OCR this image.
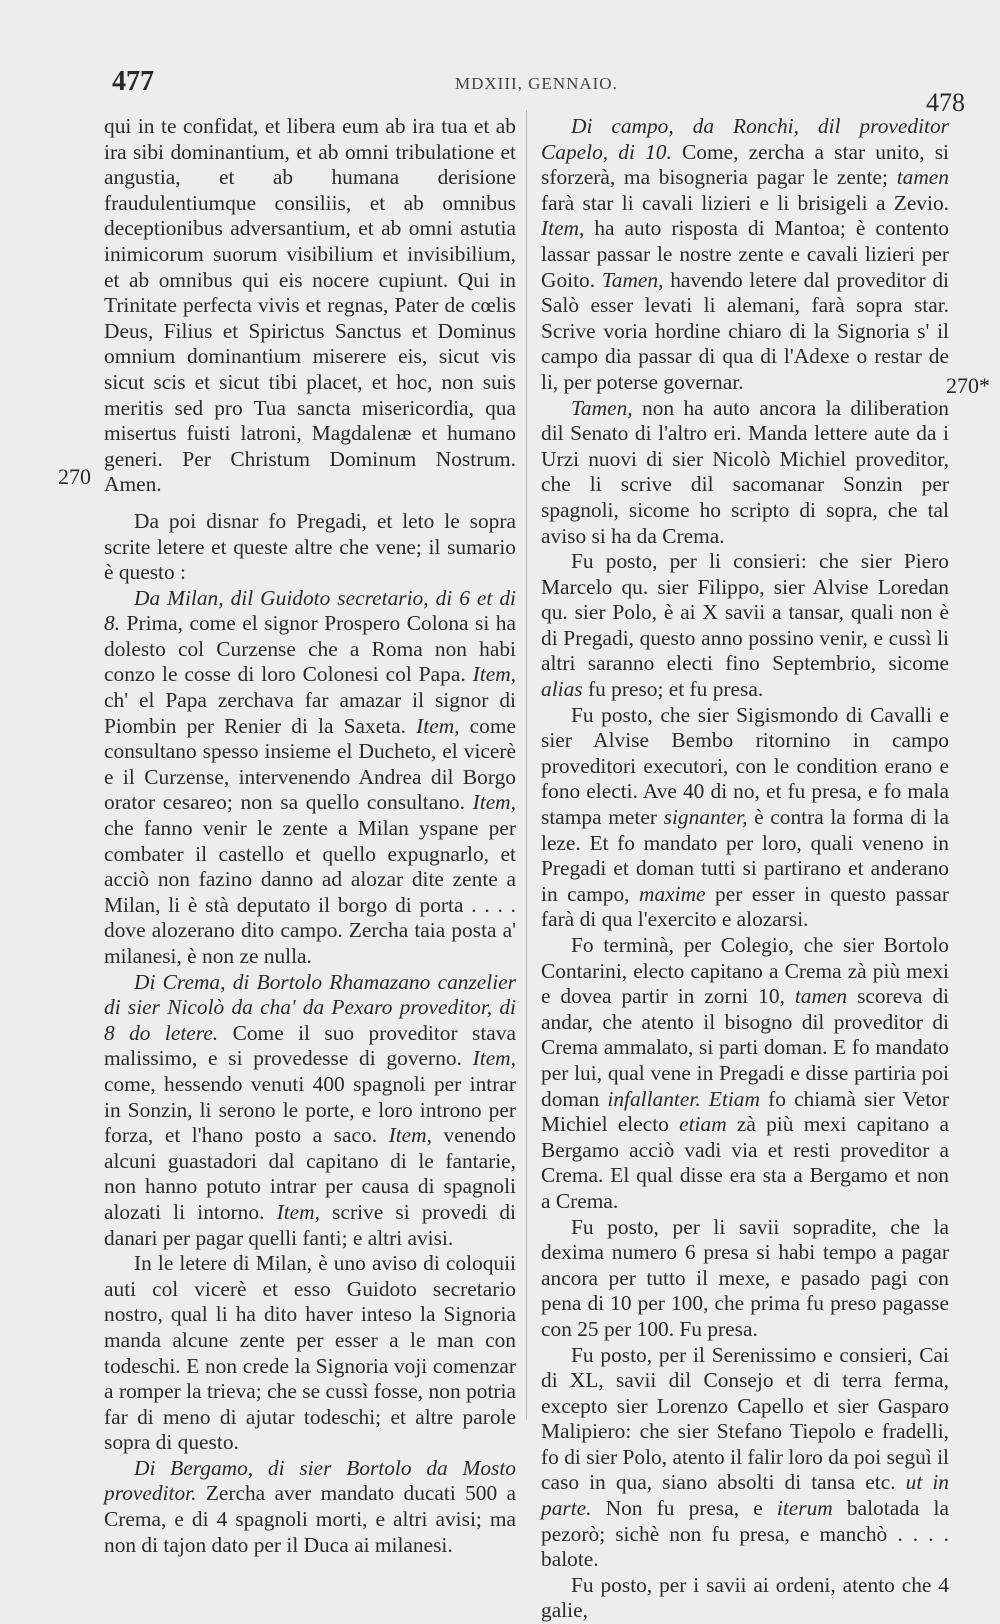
477	MDXIII, GENNAIO.
478
270
270*

qui in te confidat, et libera eum ab ira tua et ab ira sibi dominantium, et ab omni tribulatione et angustia, et ab humana derisione fraudulentiumque consiliis, et ab omnibus deceptionibus adversantium, et ab omni astutia inimicorum suorum visibilium et invisibilium, et ab omnibus qui eis nocere cupiunt. Qui in Trinitate perfecta vivis et regnas, Pater de cœlis Deus, Filius et Spirictus Sanctus et Dominus omnium dominantium miserere eis, sicut vis sicut scis et sicut tibi placet, et hoc, non suis meritis sed pro Tua sancta misericordia, qua misertus fuisti latroni, Magdalenæ et humano generi. Per Christum Dominum Nostrum. Amen.

Da poi disnar fo Pregadi, et leto le sopra scrite letere et queste altre che vene; il sumario è questo :

Da Milan, dil Guidoto secretario, di 6 et di 8. Prima, come el signor Prospero Colona si ha dolesto col Curzense che a Roma non habi conzo le cosse di loro Colonesi col Papa. Item, ch' el Papa zerchava far amazar il signor di Piombin per Renier di la Saxeta. Item, come consultano spesso insieme el Ducheto, el vicerè e il Curzense, intervenendo Andrea dil Borgo orator cesareo; non sa quello consultano. Item, che fanno venir le zente a Milan yspane per combater il castello et quello expugnarlo, et acciò non fazino danno ad alozar dite zente a Milan, li è stà deputato il borgo di porta . . . . dove alozerano dito campo. Zercha taia posta a' milanesi, è non ze nulla.

Di Crema, di Bortolo Rhamazano canzelier di sier Nicolò da cha' da Pexaro proveditor, di 8 do letere. Come il suo proveditor stava malissimo, e si provedesse di governo. Item, come, hessendo venuti 400 spagnoli per intrar in Sonzin, li serono le porte, e loro introno per forza, et l'hano posto a saco. Item, venendo alcuni guastadori dal capitano di le fantarie, non hanno potuto intrar per causa di spagnoli alozati li intorno. Item, scrive si provedi di danari per pagar quelli fanti; e altri avisi.

In le letere di Milan, è uno aviso di coloquii auti col vicerè et esso Guidoto secretario nostro, qual li ha dito haver inteso la Signoria manda alcune zente per esser a le man con todeschi. E non crede la Signoria voji comenzar a romper la trieva; che se cussì fosse, non potria far di meno di ajutar todeschi; et altre parole sopra di questo.

Di Bergamo, di sier Bortolo da Mosto proveditor. Zercha aver mandato ducati 500 a Crema, e di 4 spagnoli morti, e altri avisi; ma non di tajon dato per il Duca ai milanesi.

Di campo, da Ronchi, dil proveditor Capelo, di 10. Come, zercha a star unito, si sforzerà, ma bisogneria pagar le zente; tamen farà star li cavali lizieri e li brisigeli a Zevio. Item, ha auto risposta di Mantoa; è contento lassar passar le nostre zente e cavali lizieri per Goito. Tamen, havendo letere dal proveditor di Salò esser levati li alemani, farà sopra star. Scrive voria hordine chiaro di la Signoria s' il campo dia passar di qua di l'Adexe o restar de li, per poterse governar.

Tamen, non ha auto ancora la diliberation dil Senato di l'altro eri. Manda lettere aute da i Urzi nuovi di sier Nicolò Michiel proveditor, che li scrive dil sacomanar Sonzin per spagnoli, sicome ho scripto di sopra, che tal aviso si ha da Crema.

Fu posto, per li consieri: che sier Piero Marcelo qu. sier Filippo, sier Alvise Loredan qu. sier Polo, è ai X savii a tansar, quali non è di Pregadi, questo anno possino venir, e cussì li altri saranno electi fino Septembrio, sicome alias fu preso; et fu presa.

Fu posto, che sier Sigismondo di Cavalli e sier Alvise Bembo ritornino in campo proveditori executori, con le condition erano e fono electi. Ave 40 di no, et fu presa, e fo mala stampa meter signanter, è contra la forma di la leze. Et fo mandato per loro, quali veneno in Pregadi et doman tutti si partirano et anderano in campo, maxime per esser in questo passar farà di qua l'exercito e alozarsi.

Fo terminà, per Colegio, che sier Bortolo Contarini, electo capitano a Crema zà più mexi e dovea partir in zorni 10, tamen scoreva di andar, che atento il bisogno dil proveditor di Crema ammalato, si parti doman. E fo mandato per lui, qual vene in Pregadi e disse partiria poi doman infallanter. Etiam fo chiamà sier Vetor Michiel electo etiam zà più mexi capitano a Bergamo acciò vadi via et resti proveditor a Crema. El qual disse era sta a Bergamo et non a Crema.

Fu posto, per li savii sopradite, che la dexima numero 6 presa si habi tempo a pagar ancora per tutto il mexe, e pasado pagi con pena di 10 per 100, che prima fu preso pagasse con 25 per 100. Fu presa.

Fu posto, per il Serenissimo e consieri, Cai di XL, savii dil Consejo et di terra ferma, excepto sier Lorenzo Capello et sier Gasparo Malipiero: che sier Stefano Tiepolo e fradelli, fo di sier Polo, atento il falir loro da poi seguì il caso in qua, siano absolti di tansa etc. ut in parte. Non fu presa, e iterum balotada la pezorò; sichè non fu presa, e manchò . . . . balote.

Fu posto, per i savii ai ordeni, atento che 4 galie,
